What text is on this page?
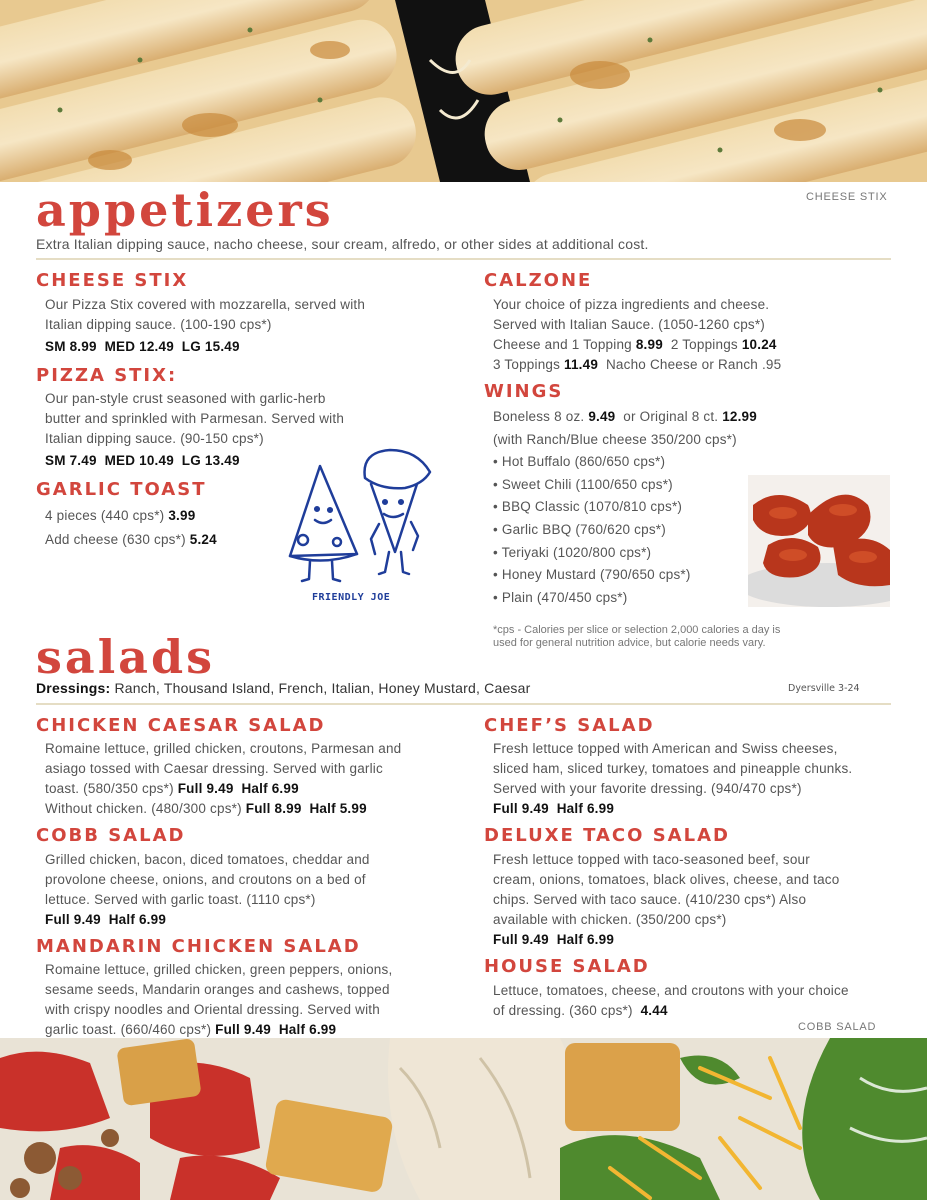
appetizers	CHEESE STIX
Extra Italian dipping sauce, nacho cheese, sour cream, alfredo, or other sides at additional cost.
CHEESE STIX
Our Pizza Stix covered with mozzarella, served with
Italian dipping sauce. (100-190 cps*)
SM 8.99  MED 12.49  LG 15.49
PIZZA STIX:
Our pan-style crust seasoned with garlic-herb
butter and sprinkled with Parmesan. Served with
Italian dipping sauce. (90-150 cps*)
SM 7.49  MED 10.49  LG 13.49
GARLIC TOAST
4 pieces (440 cps*) 3.99
Add cheese (630 cps*) 5.24
FRIENDLY JOE
CALZONE
Your choice of pizza ingredients and cheese.
Served with Italian Sauce. (1050-1260 cps*)
Cheese and 1 Topping 8.99 2 Toppings 10.24
3 Toppings 11.49 Nacho Cheese or Ranch .95
WINGS
Boneless 8 oz. 9.49 or Original 8 ct. 12.99
(with Ranch/Blue cheese 350/200 cps*)
• Hot Buffalo (860/650 cps*)
• Sweet Chili (1100/650 cps*)
• BBQ Classic (1070/810 cps*)
• Garlic BBQ (760/620 cps*)
• Teriyaki (1020/800 cps*)
• Honey Mustard (790/650 cps*)
• Plain (470/450 cps*)
*cps - Calories per slice or selection 2,000 calories a day is
used for general nutrition advice, but calorie needs vary.
salads
Dressings: Ranch, Thousand Island, French, Italian, Honey Mustard, Caesar	Dyersville 3-24
CHICKEN CAESAR SALAD
Romaine lettuce, grilled chicken, croutons, Parmesan and
asiago tossed with Caesar dressing. Served with garlic
toast. (580/350 cps*) Full 9.49  Half 6.99
Without chicken. (480/300 cps*) Full 8.99  Half 5.99
COBB SALAD
Grilled chicken, bacon, diced tomatoes, cheddar and
provolone cheese, onions, and croutons on a bed of
lettuce. Served with garlic toast. (1110 cps*)
Full 9.49  Half 6.99
MANDARIN CHICKEN SALAD
Romaine lettuce, grilled chicken, green peppers, onions,
sesame seeds, Mandarin oranges and cashews, topped
with crispy noodles and Oriental dressing. Served with
garlic toast. (660/460 cps*) Full 9.49  Half 6.99
CHEF’S SALAD
Fresh lettuce topped with American and Swiss cheeses,
sliced ham, sliced turkey, tomatoes and pineapple chunks.
Served with your favorite dressing. (940/470 cps*)
Full 9.49  Half 6.99
DELUXE TACO SALAD
Fresh lettuce topped with taco-seasoned beef, sour
cream, onions, tomatoes, black olives, cheese, and taco
chips. Served with taco sauce. (410/230 cps*) Also
available with chicken. (350/200 cps*)
Full 9.49  Half 6.99
HOUSE SALAD
Lettuce, tomatoes, cheese, and croutons with your choice
of dressing. (360 cps*) 4.44
COBB SALAD
